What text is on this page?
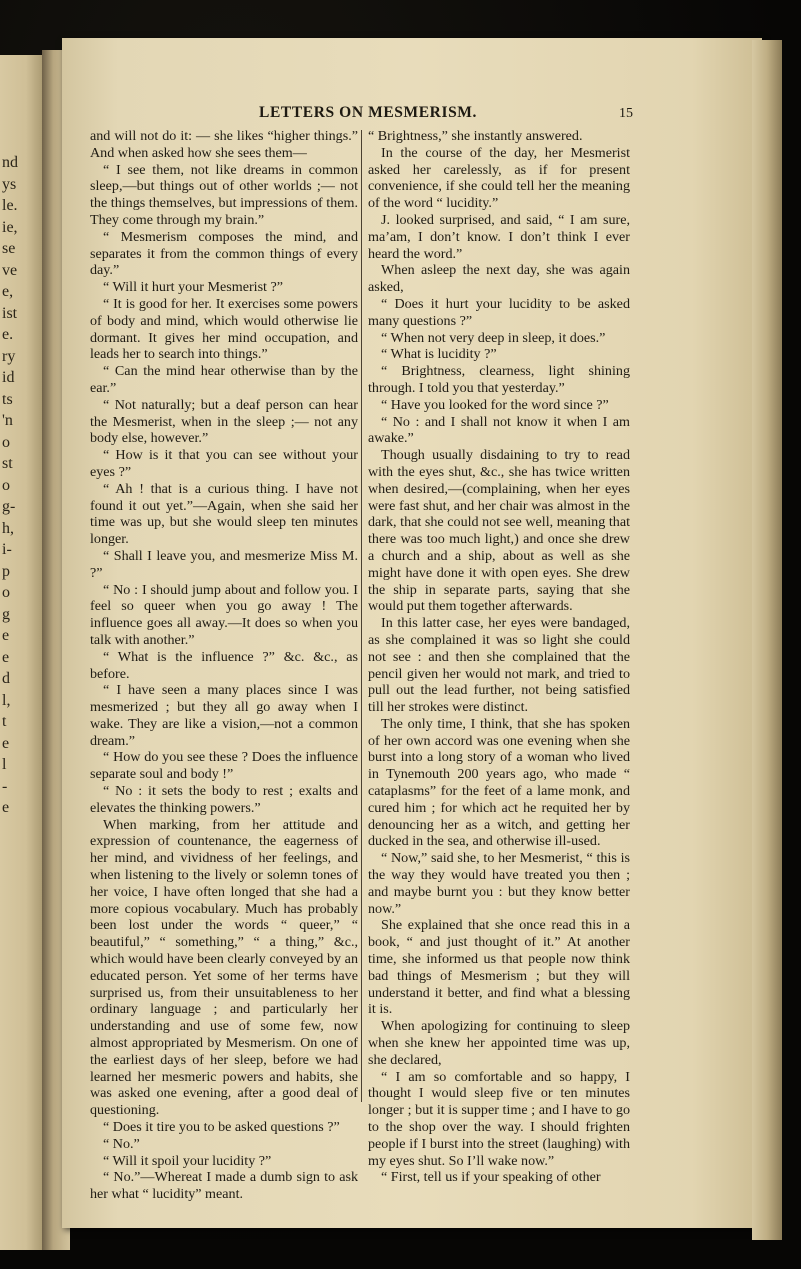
nd
ys
le.
ie,
se
ve
e,
ist
e.
ry
id
ts
'n
o
st
o
g-
h,
i-
p
o
g
e
e
d
l,
t
e
l
-
e
LETTERS ON MESMERISM.	15

and will not do it: — she likes “higher things.” And when asked how she sees them—

“ I see them, not like dreams in common sleep,—but things out of other worlds ;— not the things themselves, but impressions of them. They come through my brain.”

“ Mesmerism composes the mind, and separates it from the common things of every day.”

“ Will it hurt your Mesmerist ?”

“ It is good for her. It exercises some powers of body and mind, which would otherwise lie dormant. It gives her mind occupation, and leads her to search into things.”

“ Can the mind hear otherwise than by the ear.”

“ Not naturally; but a deaf person can hear the Mesmerist, when in the sleep ;— not any body else, however.”

“ How is it that you can see without your eyes ?”

“ Ah ! that is a curious thing. I have not found it out yet.”—Again, when she said her time was up, but she would sleep ten minutes longer.

“ Shall I leave you, and mesmerize Miss M. ?”

“ No : I should jump about and follow you. I feel so queer when you go away ! The influence goes all away.—It does so when you talk with another.”

“ What is the influence ?” &c. &c., as before.

“ I have seen a many places since I was mesmerized ; but they all go away when I wake. They are like a vision,—not a common dream.”

“ How do you see these ? Does the influence separate soul and body !”

“ No : it sets the body to rest ; exalts and elevates the thinking powers.”

When marking, from her attitude and expression of countenance, the eagerness of her mind, and vividness of her feelings, and when listening to the lively or solemn tones of her voice, I have often longed that she had a more copious vocabulary. Much has probably been lost under the words “ queer,” “ beautiful,” “ something,” “ a thing,” &c., which would have been clearly conveyed by an educated person. Yet some of her terms have surprised us, from their unsuitableness to her ordinary language ; and particularly her understanding and use of some few, now almost appropriated by Mesmerism. On one of the earliest days of her sleep, before we had learned her mesmeric powers and habits, she was asked one evening, after a good deal of questioning.

“ Does it tire you to be asked questions ?”

“ No.”

“ Will it spoil your lucidity ?”

“ No.”—Whereat I made a dumb sign to ask her what “ lucidity” meant.

“ Brightness,” she instantly answered.

In the course of the day, her Mesmerist asked her carelessly, as if for present convenience, if she could tell her the meaning of the word “ lucidity.”

J. looked surprised, and said, “ I am sure, ma’am, I don’t know. I don’t think I ever heard the word.”

When asleep the next day, she was again asked,

“ Does it hurt your lucidity to be asked many questions ?”

“ When not very deep in sleep, it does.”

“ What is lucidity ?”

“ Brightness, clearness, light shining through. I told you that yesterday.”

“ Have you looked for the word since ?”

“ No : and I shall not know it when I am awake.”

Though usually disdaining to try to read with the eyes shut, &c., she has twice written when desired,—(complaining, when her eyes were fast shut, and her chair was almost in the dark, that she could not see well, meaning that there was too much light,) and once she drew a church and a ship, about as well as she might have done it with open eyes. She drew the ship in separate parts, saying that she would put them together afterwards.

In this latter case, her eyes were bandaged, as she complained it was so light she could not see : and then she complained that the pencil given her would not mark, and tried to pull out the lead further, not being satisfied till her strokes were distinct.

The only time, I think, that she has spoken of her own accord was one evening when she burst into a long story of a woman who lived in Tynemouth 200 years ago, who made “ cataplasms” for the feet of a lame monk, and cured him ; for which act he requited her by denouncing her as a witch, and getting her ducked in the sea, and otherwise ill-used.

“ Now,” said she, to her Mesmerist, “ this is the way they would have treated you then ; and maybe burnt you : but they know better now.”

She explained that she once read this in a book, “ and just thought of it.” At another time, she informed us that people now think bad things of Mesmerism ; but they will understand it better, and find what a blessing it is.

When apologizing for continuing to sleep when she knew her appointed time was up, she declared,

“ I am so comfortable and so happy, I thought I would sleep five or ten minutes longer ; but it is supper time ; and I have to go to the shop over the way. I should frighten people if I burst into the street (laughing) with my eyes shut. So I’ll wake now.”

“ First, tell us if your speaking of other
